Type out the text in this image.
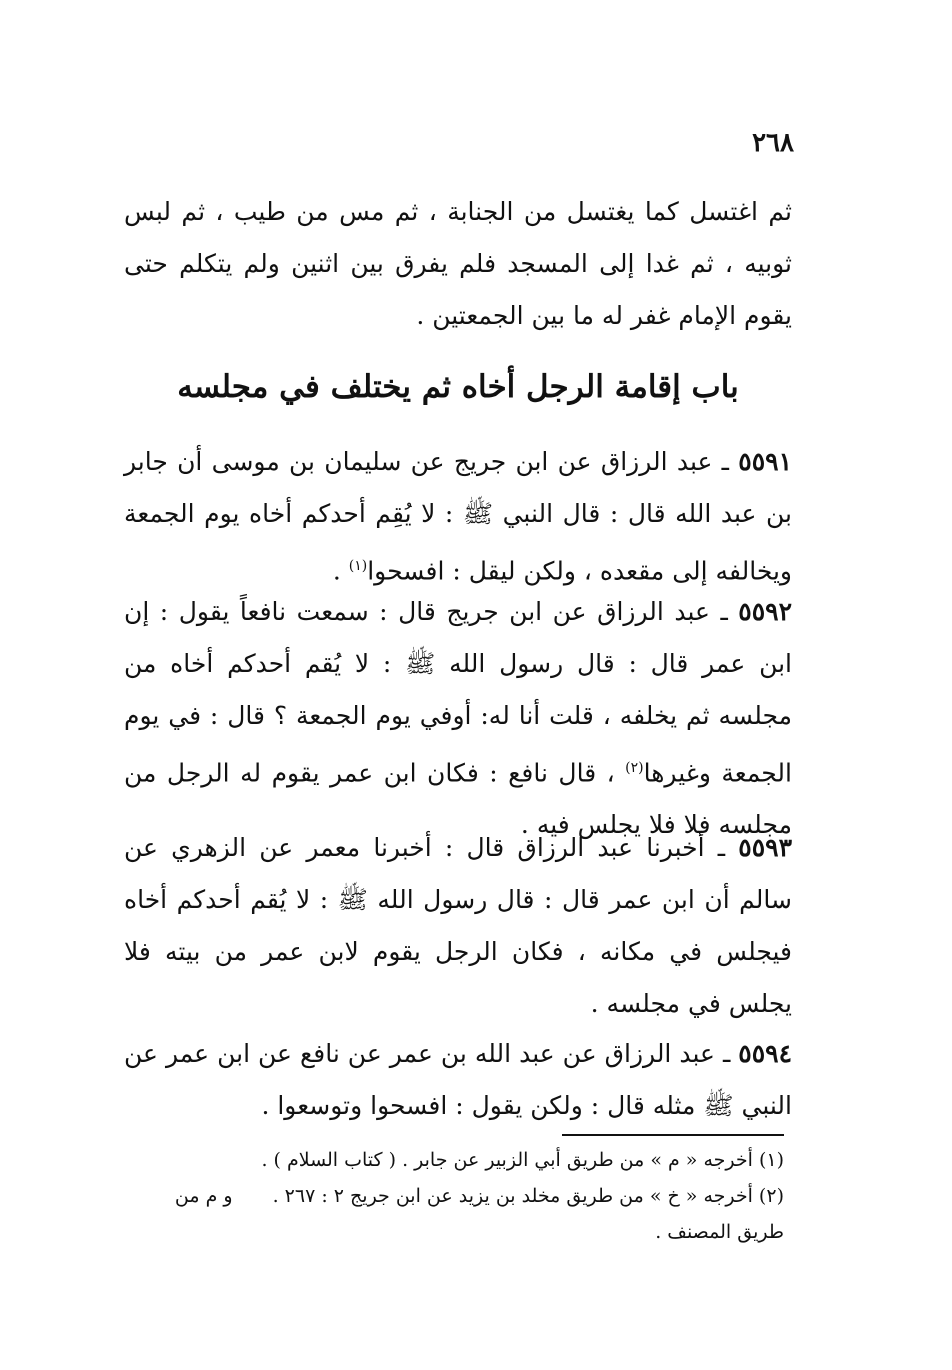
٢٦٨

ثم اغتسل كما يغتسل من الجنابة ، ثم مس من طيب ، ثم لبس ثوبيه ، ثم غدا إلى المسجد فلم يفرق بين اثنين ولم يتكلم حتى يقوم الإمام غفر له ما بين الجمعتين .

باب إقامة الرجل أخاه ثم يختلف في مجلسه

٥٥٩١ ـ عبد الرزاق عن ابن جريج عن سليمان بن موسى أن جابر بن عبد الله قال : قال النبي ﷺ : لا يُقِم أحدكم أخاه يوم الجمعة ويخالفه إلى مقعده ، ولكن ليقل : افسحوا$^{(١)}$ .

٥٥٩٢ ـ عبد الرزاق عن ابن جريج قال : سمعت نافعاً يقول : إن ابن عمر قال : قال رسول الله ﷺ : لا يُقم أحدكم أخاه من مجلسه ثم يخلفه ، قلت أنا له: أوفي يوم الجمعة ؟ قال : في يوم الجمعة وغيرها$^{(٢)}$ ، قال نافع : فكان ابن عمر يقوم له الرجل من مجلسه فلا فلا يجلس فيه .

٥٥٩٣ ـ أخبرنا عبد الرزاق قال : أخبرنا معمر عن الزهري عن سالم أن ابن عمر قال : قال رسول الله ﷺ : لا يُقم أحدكم أخاه فيجلس في مكانه ، فكان الرجل يقوم لابن عمر من بيته فلا يجلس في مجلسه .

٥٥٩٤ ـ عبد الرزاق عن عبد الله بن عمر عن نافع عن ابن عمر عن النبي ﷺ مثله قال : ولكن يقول : افسحوا وتوسعوا .

(١) أخرجه « م » من طريق أبي الزبير عن جابر . ( كتاب السلام ) .

(٢) أخرجه « خ » من طريق مخلد بن يزيد عن ابن جريج ٢ : ٢٦٧ .و م من طريق المصنف .
